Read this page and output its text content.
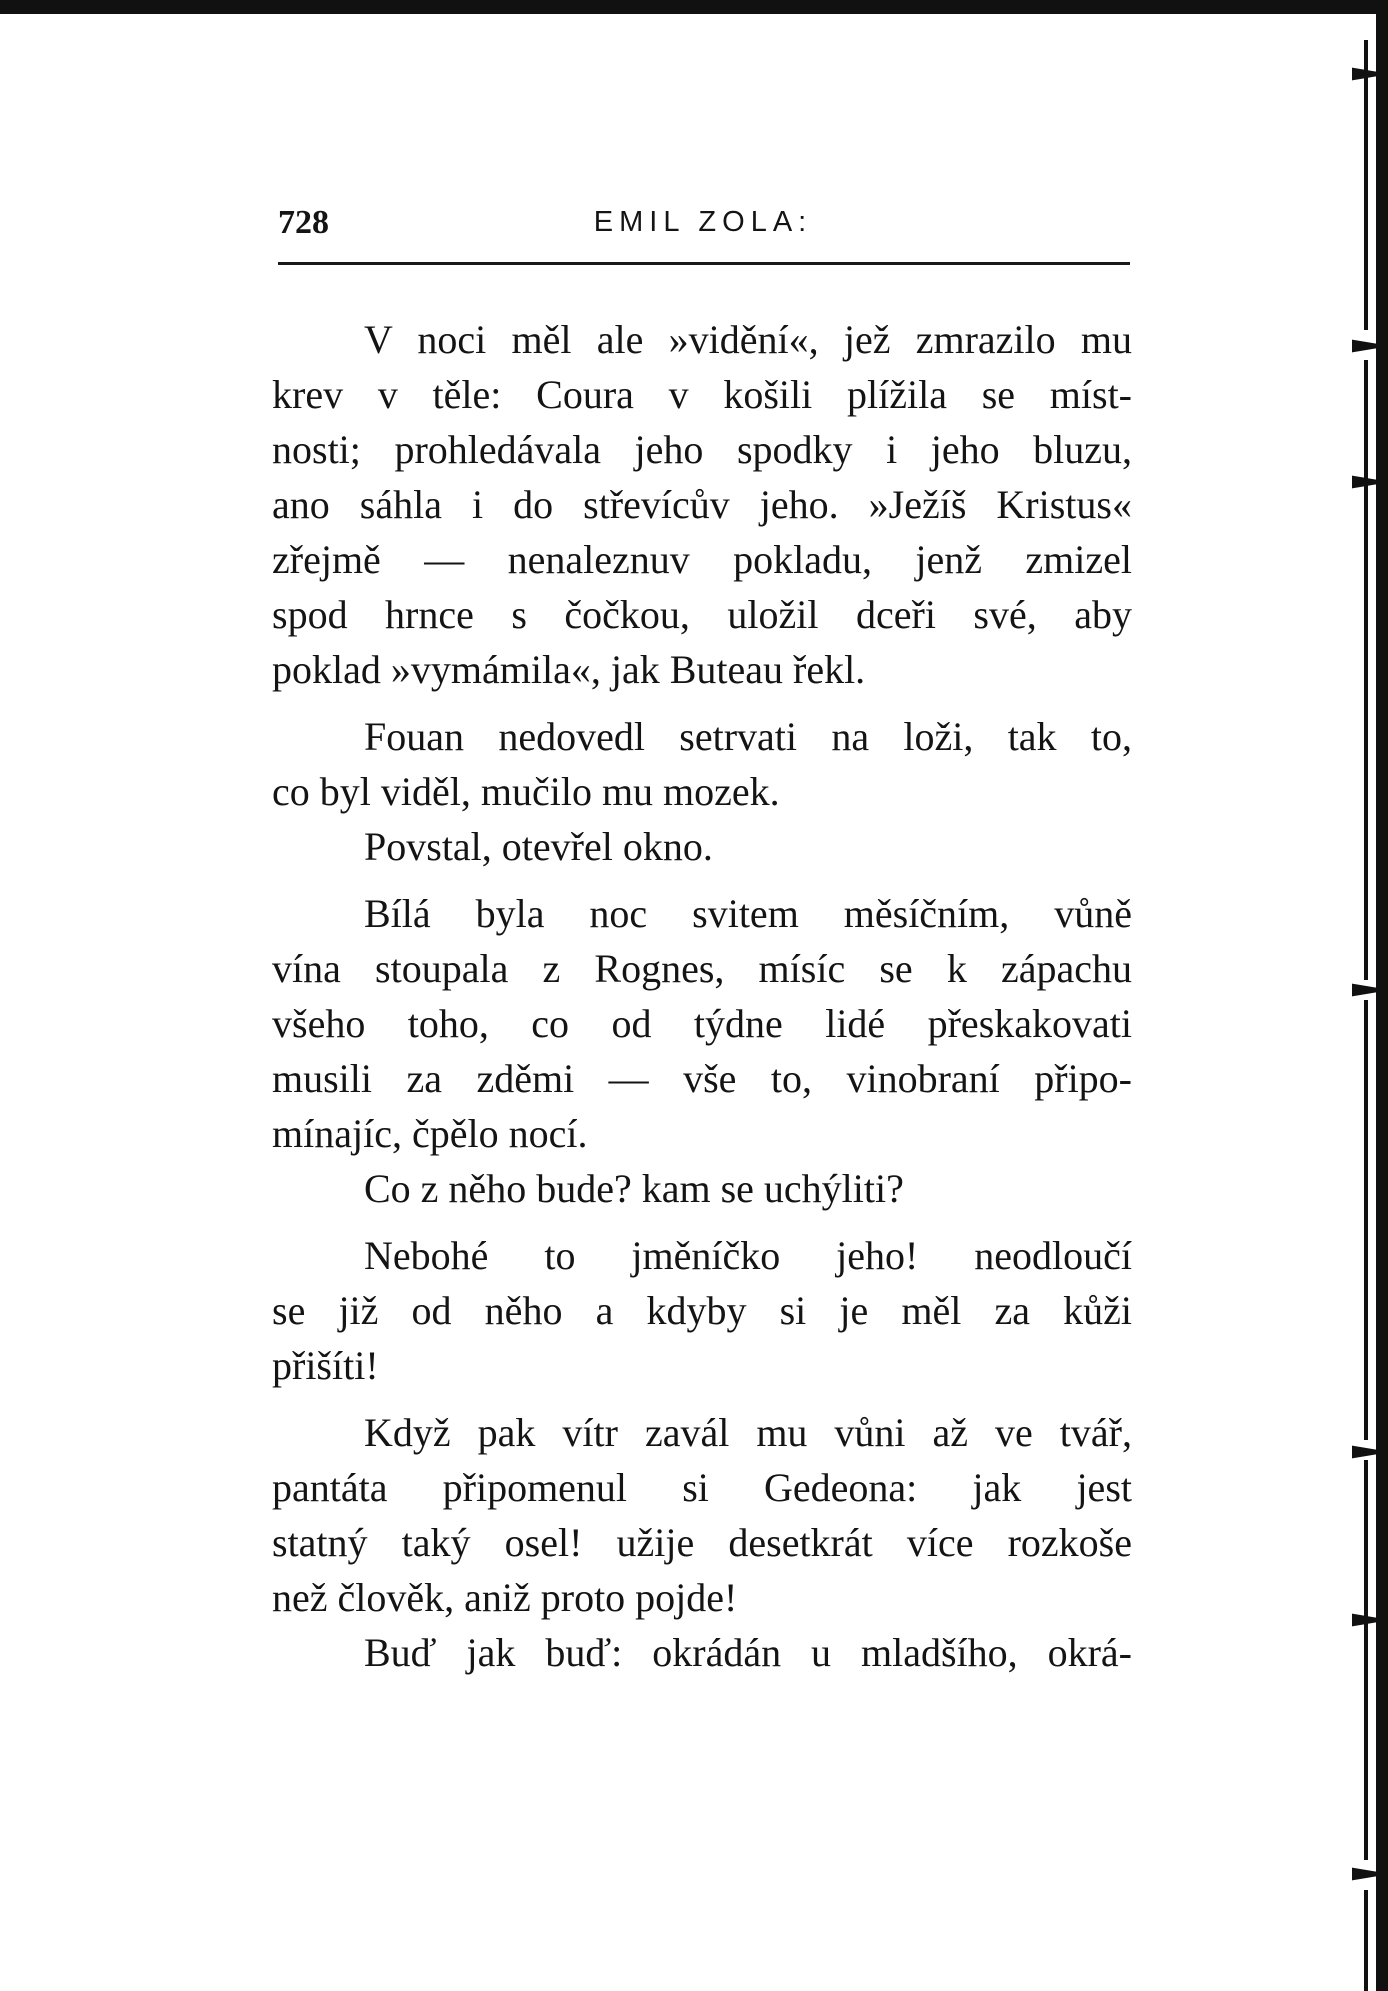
728	EMIL ZOLA:
V noci měl ale »vidění«, jež zmrazilo mu
krev v těle: Coura v košili plížila se míst-
nosti; prohledávala jeho spodky i jeho bluzu,
ano sáhla i do střevícův jeho. »Ježíš Kristus«
zřejmě — nenaleznuv pokladu, jenž zmizel
spod hrnce s čočkou, uložil dceři své, aby
poklad »vymámila«, jak Buteau řekl.
Fouan nedovedl setrvati na loži, tak to,
co byl viděl, mučilo mu mozek.
Povstal, otevřel okno.
Bílá byla noc svitem měsíčním, vůně
vína stoupala z Rognes, mísíc se k zápachu
všeho toho, co od týdne lidé přeskakovati
musili za zděmi — vše to, vinobraní připo-
mínajíc, čpělo nocí.
Co z něho bude? kam se uchýliti?
Nebohé to jměníčko jeho! neodloučí
se již od něho a kdyby si je měl za kůži
přišíti!
Když pak vítr zavál mu vůni až ve tvář,
pantáta připomenul si Gedeona: jak jest
statný taký osel! užije desetkrát více rozkoše
než člověk, aniž proto pojde!
Buď jak buď: okrádán u mladšího, okrá-
